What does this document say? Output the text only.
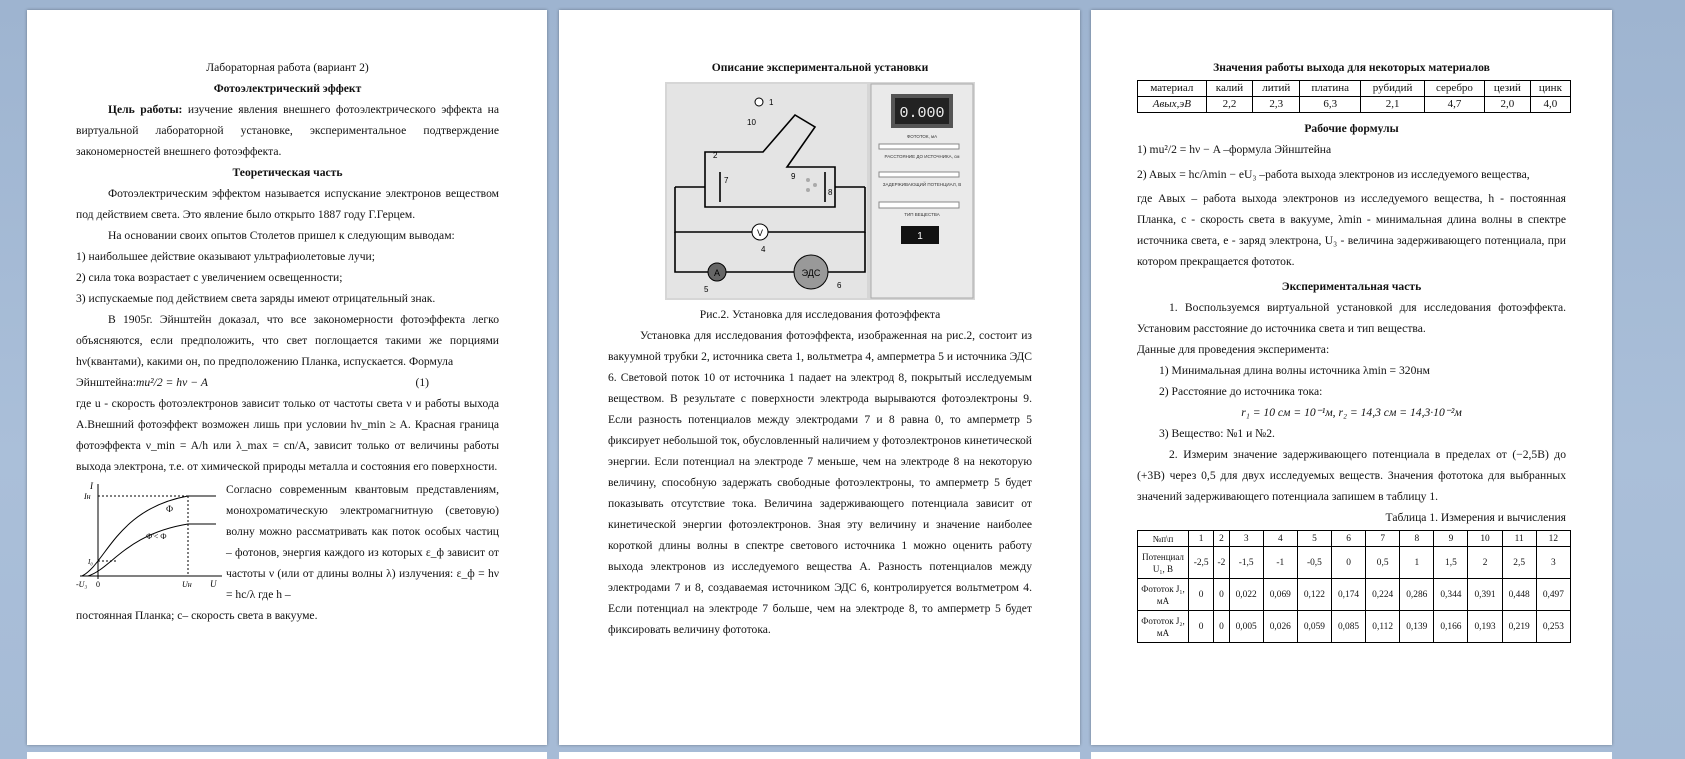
Лабораторная работа (вариант 2)

Фотоэлектрический эффект

Цель работы: изучение явления внешнего фотоэлектрического эффекта на виртуальной лабораторной установке, экспериментальное подтверждение закономерностей внешнего фотоэффекта.

Теоретическая часть

Фотоэлектрическим эффектом называется испускание электронов веществом под действием света. Это явление было открыто 1887 году Г.Герцем.

На основании своих опытов Столетов пришел к следующим выводам:

1) наибольшее действие оказывают ультрафиолетовые лучи;

2) сила тока возрастает с увеличением освещенности;

3) испускаемые под действием света заряды имеют отрицательный знак.

В 1905г. Эйнштейн доказал, что все закономерности фотоэффекта легко объясняются, если предположить, что свет поглощается такими же порциями hν(квантами), какими он, по предположению Планка, испускается. Формула

Эйнштейна:mu²/2 = hν − A	(1)

где u - скорость фотоэлектронов зависит только от частоты света ν и работы выхода A.Внешний фотоэффект возможен лишь при условии hν_min ≥ A. Красная граница фотоэффекта ν_min = A/h или λ_max = cn/A, зависит только от величины работы выхода электрона, т.е. от химической природы металла и состояния его поверхности.

I
Iн
Ф
Ф'< Ф
-U₃ 0	Uн U
I₀
Согласно современным квантовым представлениям, монохроматическую электромагнитную (световую) волну можно рассматривать как поток особых частиц – фотонов, энергия каждого из которых ε_ф зависит от частоты ν (или от длины волны λ) излучения: ε_ф = hν = hc/λ где h –

постоянная Планка; c– скорость света в вакууме.

Описание экспериментальной установки

0.000
ФОТОТОК, мA
РАССТОЯНИЕ ДО ИСТОЧНИКА, см
ЗАДЕРЖИВАЮЩИЙ ПОТЕНЦИАЛ, В
ТИП ВЕЩЕСТВА
1
V
A	ЭДС
1
10
2
7	9
8
4
5	6

Рис.2. Установка для исследования фотоэффекта

Установка для исследования фотоэффекта, изображенная на рис.2, состоит из вакуумной трубки 2, источника света 1, вольтметра 4, амперметра 5 и источника ЭДС 6. Световой поток 10 от источника 1 падает на электрод 8, покрытый исследуемым веществом. В результате с поверхности электрода вырываются фотоэлектроны 9. Если разность потенциалов между электродами 7 и 8 равна 0, то амперметр 5 фиксирует небольшой ток, обусловленный наличием у фотоэлектронов кинетической энергии. Если потенциал на электроде 7 меньше, чем на электроде 8 на некоторую величину, способную задержать свободные фотоэлектроны, то амперметр 5 будет показывать отсутствие тока. Величина задерживающего потенциала зависит от кинетической энергии фотоэлектронов. Зная эту величину и значение наиболее короткой длины волны в спектре светового источника 1 можно оценить работу выхода электронов из исследуемого вещества A. Разность потенциалов между электродами 7 и 8, создаваемая источником ЭДС 6, контролируется вольтметром 4. Если потенциал на электроде 7 больше, чем на электроде 8, то амперметр 5 будет фиксировать величину фототока.

Значения работы выхода для некоторых материалов

материал	калий	литий	платина	рубидий	серебро	цезий	цинк
Aвых,эВ	2,2	2,3	6,3	2,1	4,7	2,0	4,0

Рабочие формулы

1) mu²/2 = hν − A –формула Эйнштейна

2) Aвых = hc/λmin − eU₃ –работа выхода электронов из исследуемого вещества,

где Aвых – работа выхода электронов из исследуемого вещества, h - постоянная Планка, c - скорость света в вакууме, λmin - минимальная длина волны в спектре источника света, e - заряд электрона, U₃ - величина задерживающего потенциала, при котором прекращается фототок.

Экспериментальная часть

1. Воспользуемся виртуальной установкой для исследования фотоэффекта. Установим расстояние до источника света и тип вещества.

Данные для проведения эксперимента:

1) Минимальная длина волны источника λmin = 320нм

2) Расстояние до источника тока:

r₁ = 10 см = 10⁻¹м, r₂ = 14,3 см = 14,3·10⁻²м

3) Вещество: №1 и №2.

2. Измерим значение задерживающего потенциала в пределах от (−2,5В) до (+3В) через 0,5 для двух исследуемых веществ. Значения фототока для выбранных значений задерживающего потенциала запишем в таблицу 1.

Таблица 1. Измерения и вычисления

№п\п	1	2	3	4	5	6	7	8	9	10	11	12
Потенциал U₁, В	-2,5	-2	-1,5	-1	-0,5	0	0,5	1	1,5	2	2,5	3
Фототок J₁, мА	0	0	0,022	0,069	0,122	0,174	0,224	0,286	0,344	0,391	0,448	0,497
Фототок J₂, мА	0	0	0,005	0,026	0,059	0,085	0,112	0,139	0,166	0,193	0,219	0,253
